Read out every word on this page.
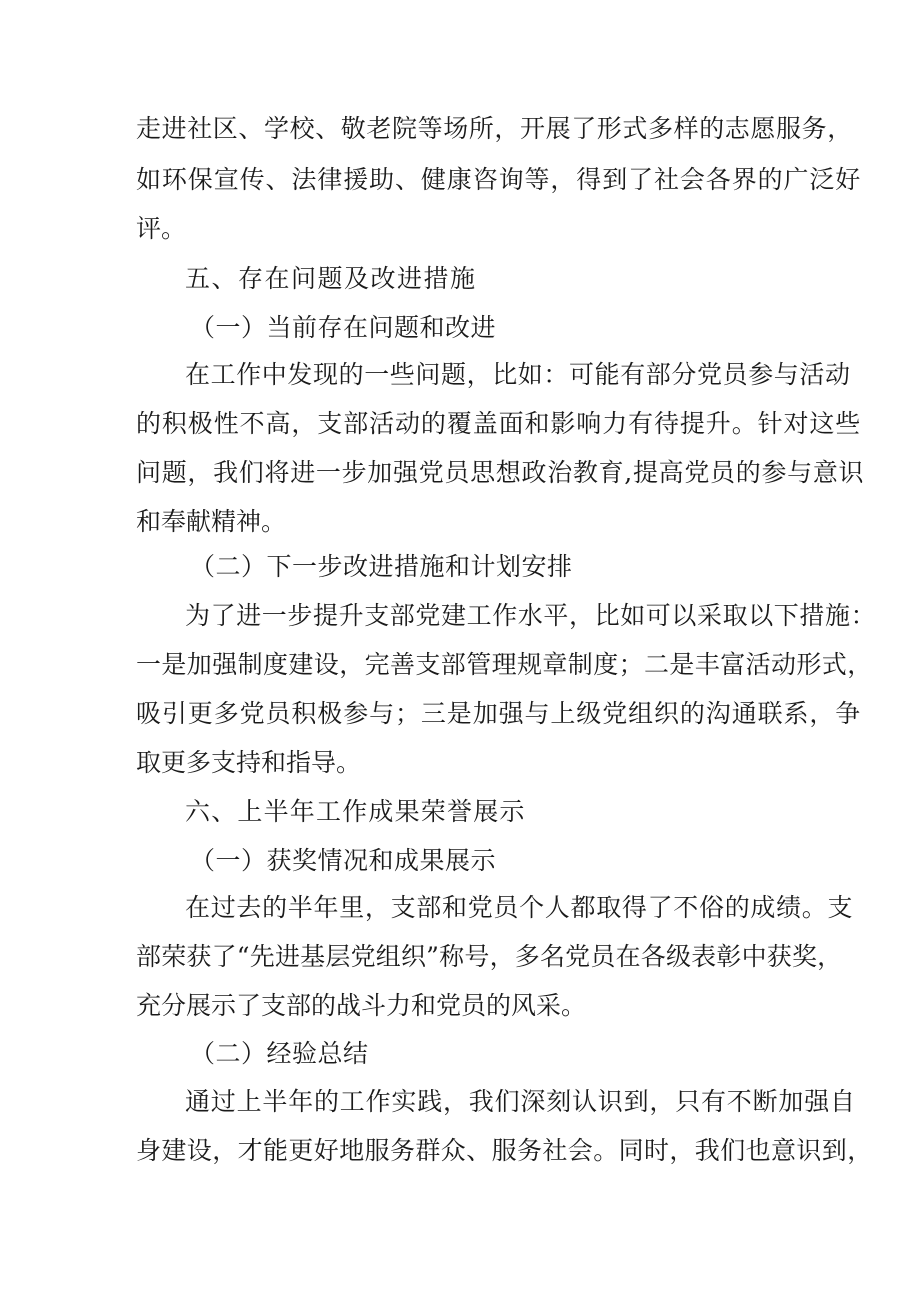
走进社区、学校、敬老院等场所，开展了形式多样的志愿服务，
如环保宣传、法律援助、健康咨询等，得到了社会各界的广泛好
评。
五、存在问题及改进措施
（一）当前存在问题和改进
在工作中发现的一些问题，比如：可能有部分党员参与活动
的积极性不高，支部活动的覆盖面和影响力有待提升。针对这些
问题，我们将进一步加强党员思想政治教育,提高党员的参与意识
和奉献精神。
（二）下一步改进措施和计划安排
为了进一步提升支部党建工作水平，比如可以采取以下措施：
一是加强制度建设，完善支部管理规章制度；二是丰富活动形式，
吸引更多党员积极参与；三是加强与上级党组织的沟通联系，争
取更多支持和指导。
六、上半年工作成果荣誉展示
（一）获奖情况和成果展示
在过去的半年里，支部和党员个人都取得了不俗的成绩。支
部荣获了“先进基层党组织”称号，多名党员在各级表彰中获奖，
充分展示了支部的战斗力和党员的风采。
（二）经验总结
通过上半年的工作实践，我们深刻认识到，只有不断加强自
身建设，才能更好地服务群众、服务社会。同时，我们也意识到，
